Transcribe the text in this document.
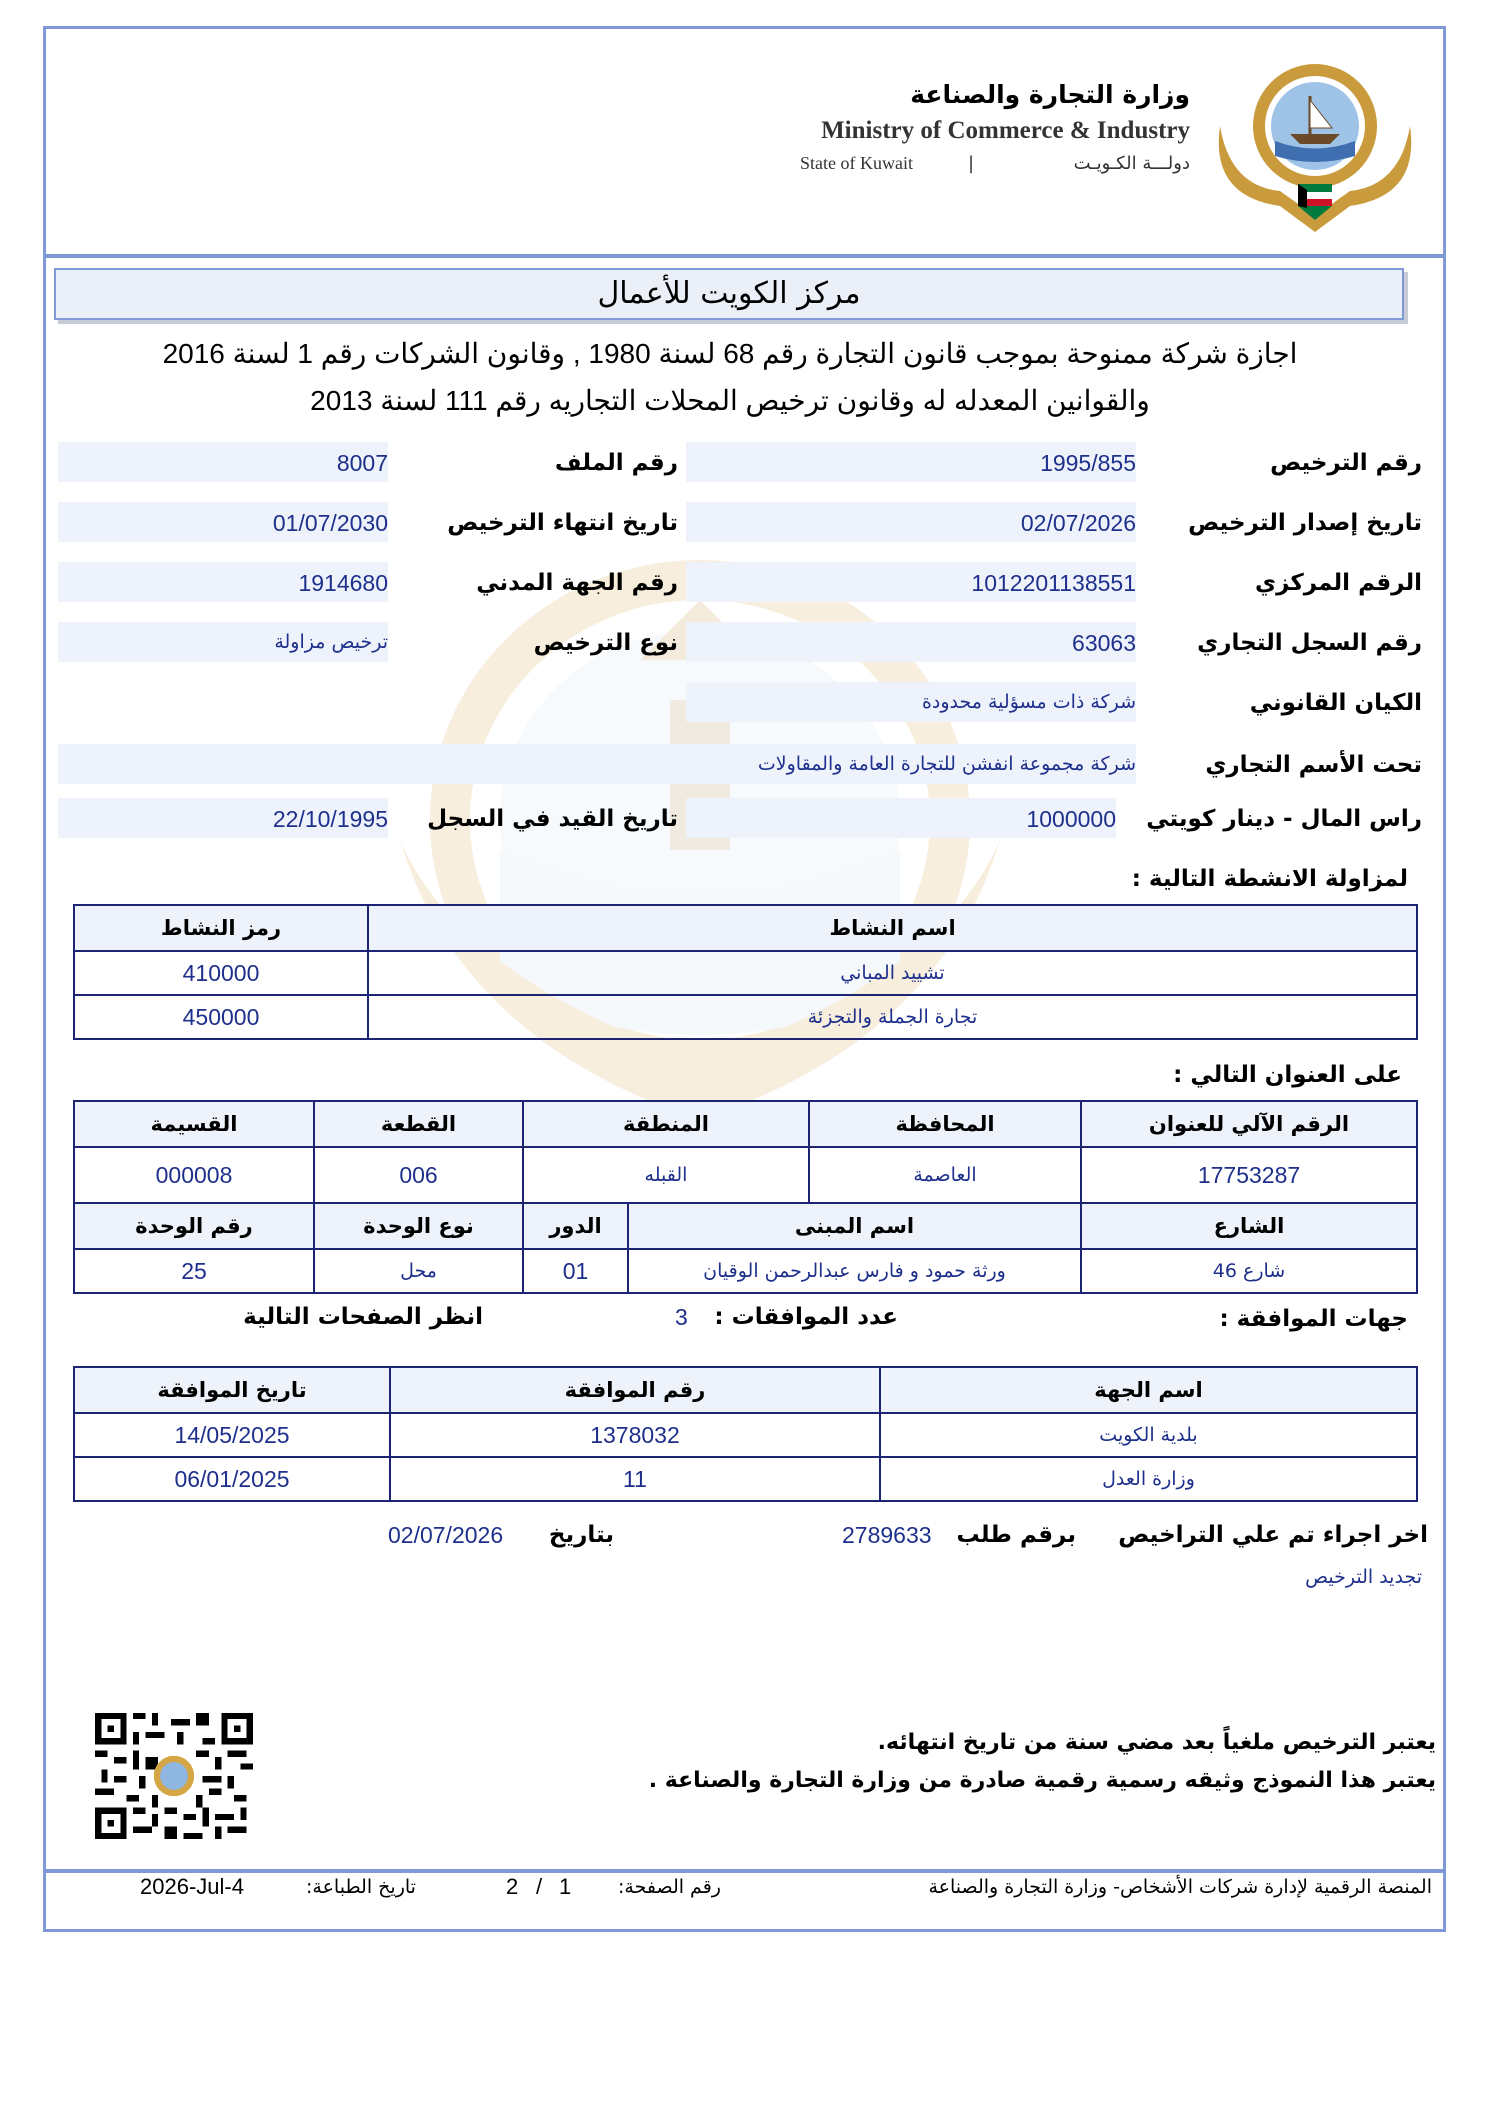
وزارة التجارة والصناعة
Ministry of Commerce & Industry
State of Kuwait	|	دولـــة الكـويـت
مركز الكويت للأعمال
اجازة شركة ممنوحة بموجب قانون التجارة رقم 68 لسنة 1980 , وقانون الشركات رقم 1 لسنة 2016
والقوانين المعدله له وقانون ترخيص المحلات التجاريه رقم 111 لسنة 2013
رقم الترخيص
1995/855
رقم الملف
8007
تاريخ إصدار الترخيص
02/07/2026
تاريخ انتهاء الترخيص
01/07/2030
الرقم المركزي
1012201138551
رقم الجهة المدني
1914680
رقم السجل التجاري
63063
نوع الترخيص
ترخيص مزاولة
الكيان القانوني
شركة ذات مسؤلية محدودة
تحت الأسم التجاري
شركة مجموعة انفشن للتجارة العامة والمقاولات
راس المال - دينار كويتي
1000000
تاريخ القيد في السجل
22/10/1995
لمزاولة الانشطة التالية :
رمز النشاط	اسم النشاط
410000	تشييد المباني
450000	تجارة الجملة والتجزئة
على العنوان التالي :
القسيمة	القطعة	المنطقة	المحافظة	الرقم الآلي للعنوان
000008	006	القبله	العاصمة	17753287
رقم الوحدة	نوع الوحدة	الدور	اسم المبنى	الشارع
25	محل	01	ورثة حمود و فارس عبدالرحمن الوقيان	شارع 46
جهات الموافقة :
عدد الموافقات :
3
انظر الصفحات التالية
تاريخ الموافقة	رقم الموافقة	اسم الجهة
14/05/2025	1378032	بلدية الكويت
06/01/2025	11	وزارة العدل
اخر اجراء تم علي التراخيص
برقم طلب
2789633
بتاريخ
02/07/2026
تجديد الترخيص
يعتبر الترخيص ملغياً بعد مضي سنة من تاريخ انتهائه.
يعتبر هذا النموذج وثيقه رسمية رقمية صادرة من وزارة التجارة والصناعة .
المنصة الرقمية لإدارة شركات الأشخاص- وزارة التجارة والصناعة
رقم الصفحة:
1
/
2
تاريخ الطباعة:
2026-Jul-4
